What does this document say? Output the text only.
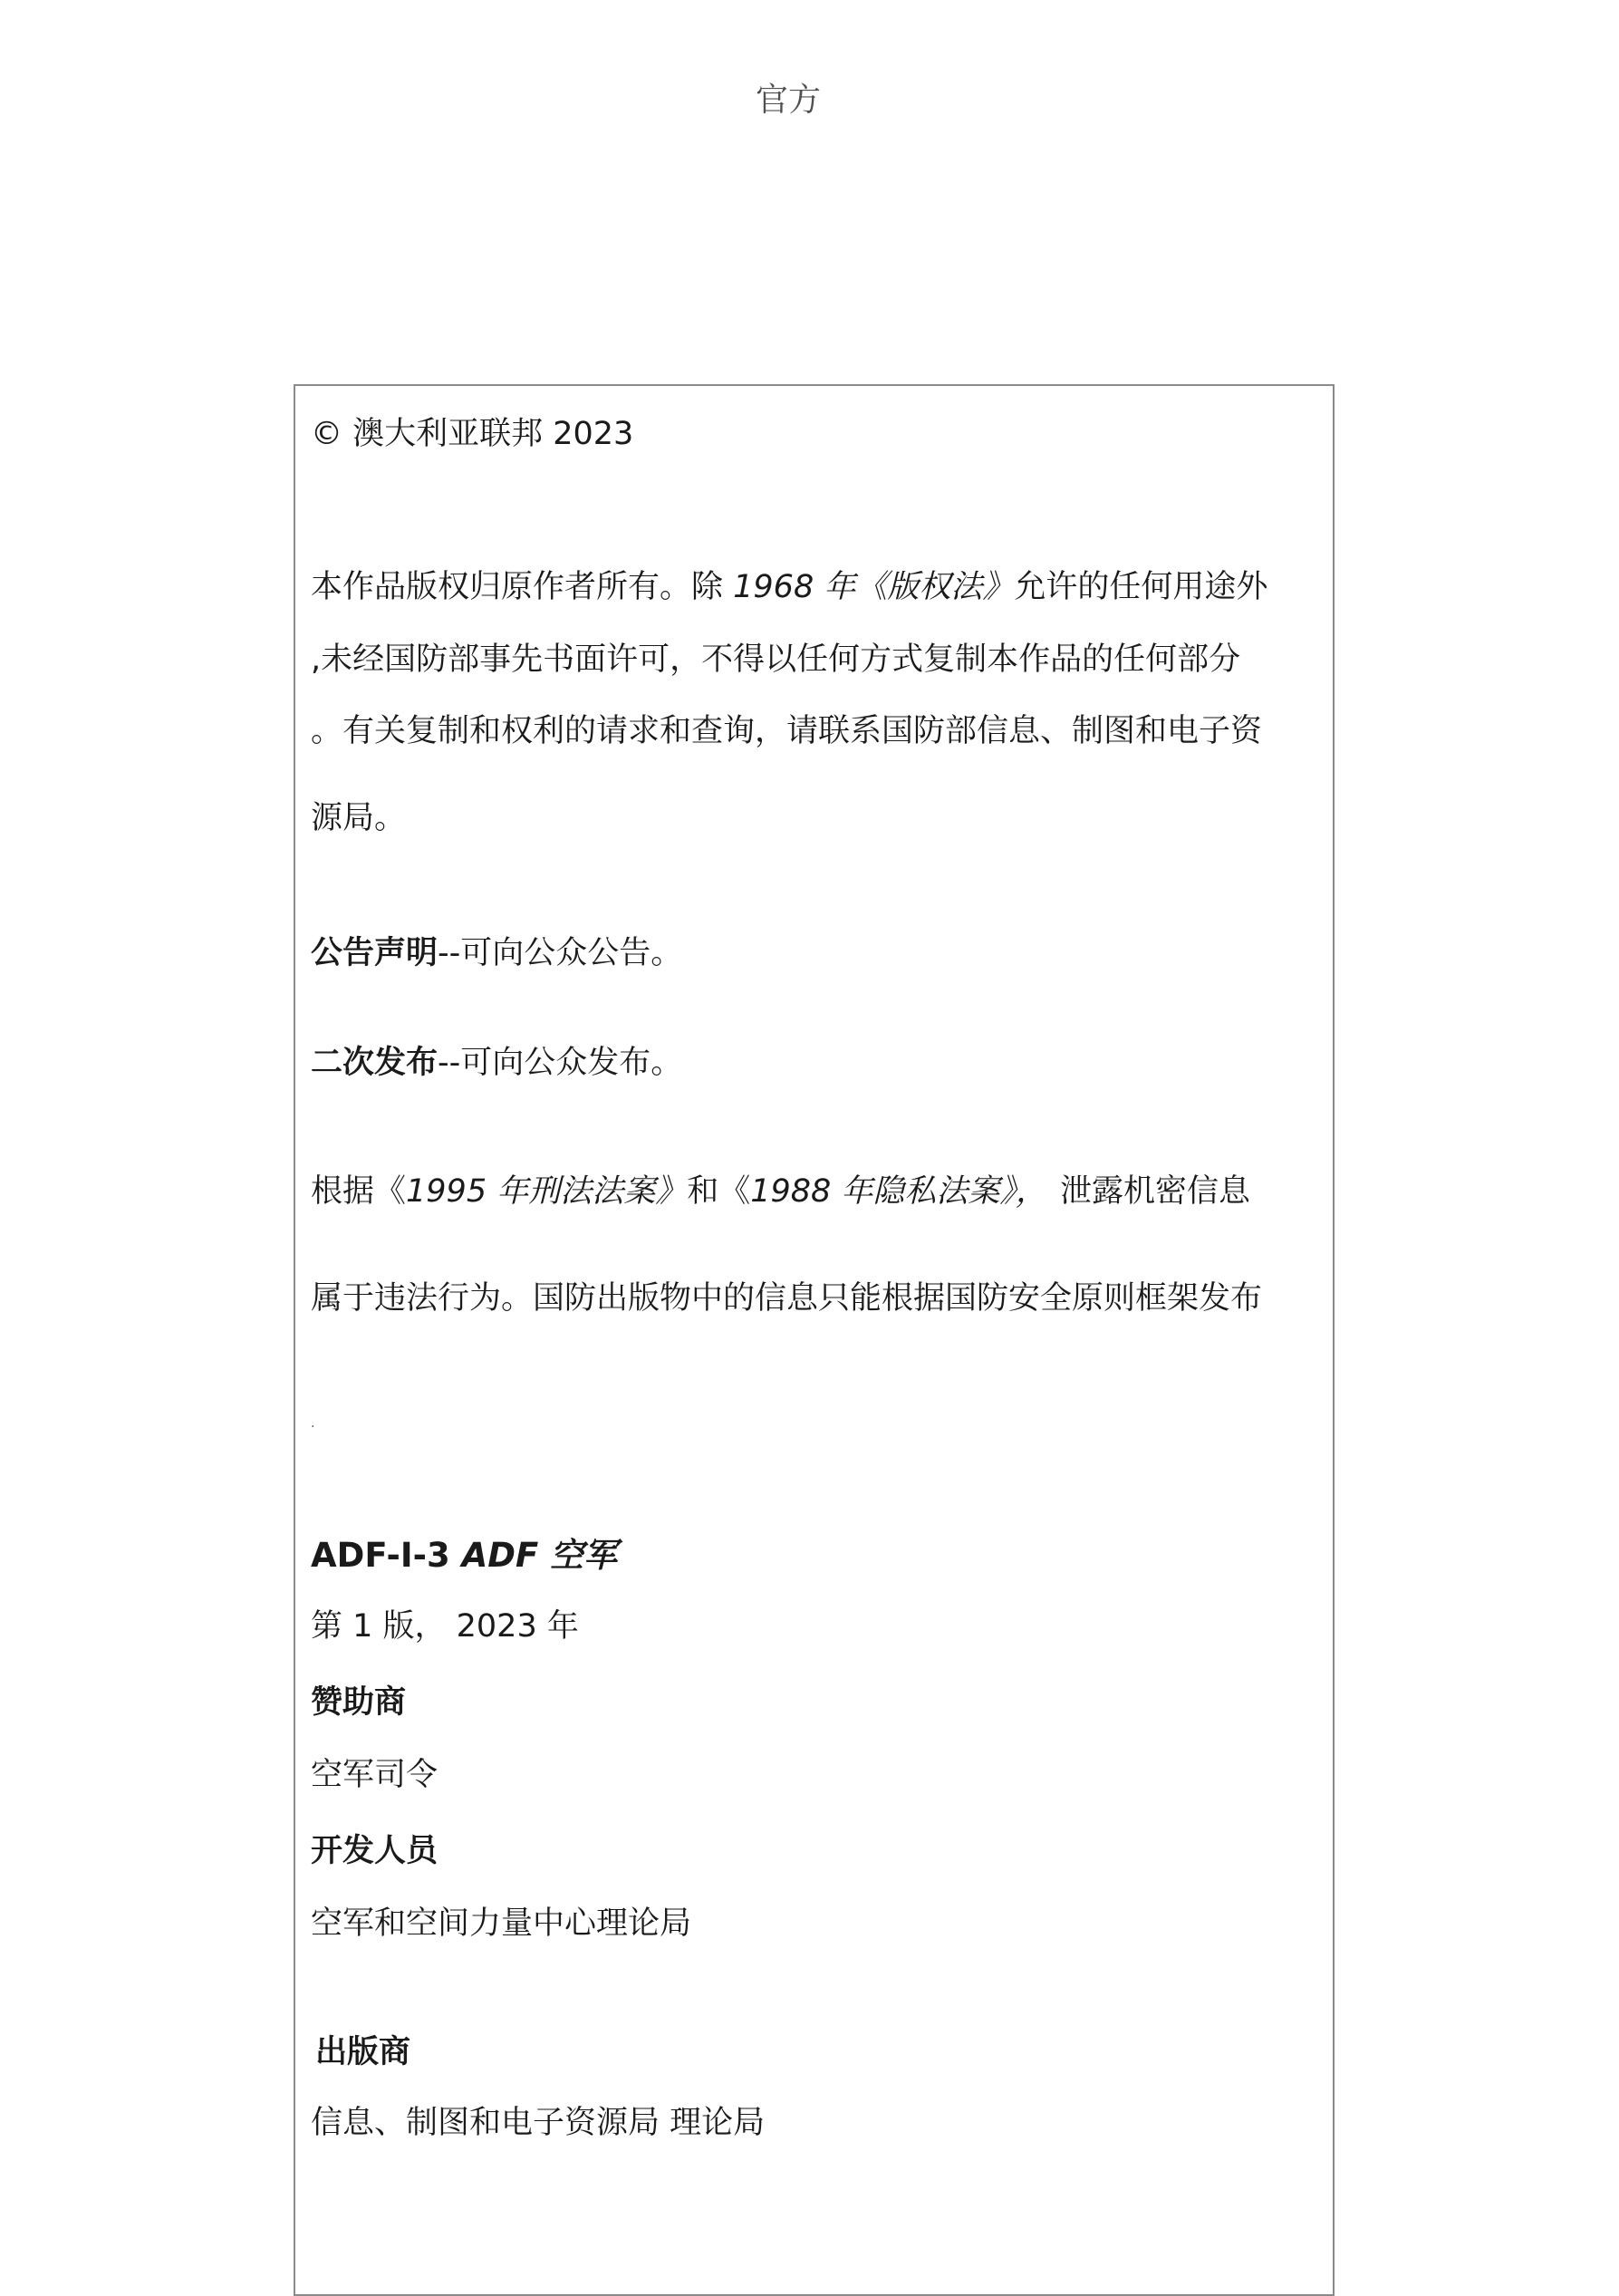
官方
© 澳大利亚联邦 2023
本作品版权归原作者所有。除 1968 年《版权法》允许的任何用途外
,未经国防部事先书面许可，不得以任何方式复制本作品的任何部分
。有关复制和权利的请求和查询，请联系国防部信息、制图和电子资
源局。
公告声明--可向公众公告。
二次发布--可向公众发布。
根据《1995 年刑法法案》和《1988 年隐私法案》， 泄露机密信息
属于违法行为。国防出版物中的信息只能根据国防安全原则框架发布
.
ADF-I-3 ADF 空军
第 1 版， 2023 年
赞助商
空军司令
开发人员
空军和空间力量中心理论局
出版商
信息、制图和电子资源局 理论局
